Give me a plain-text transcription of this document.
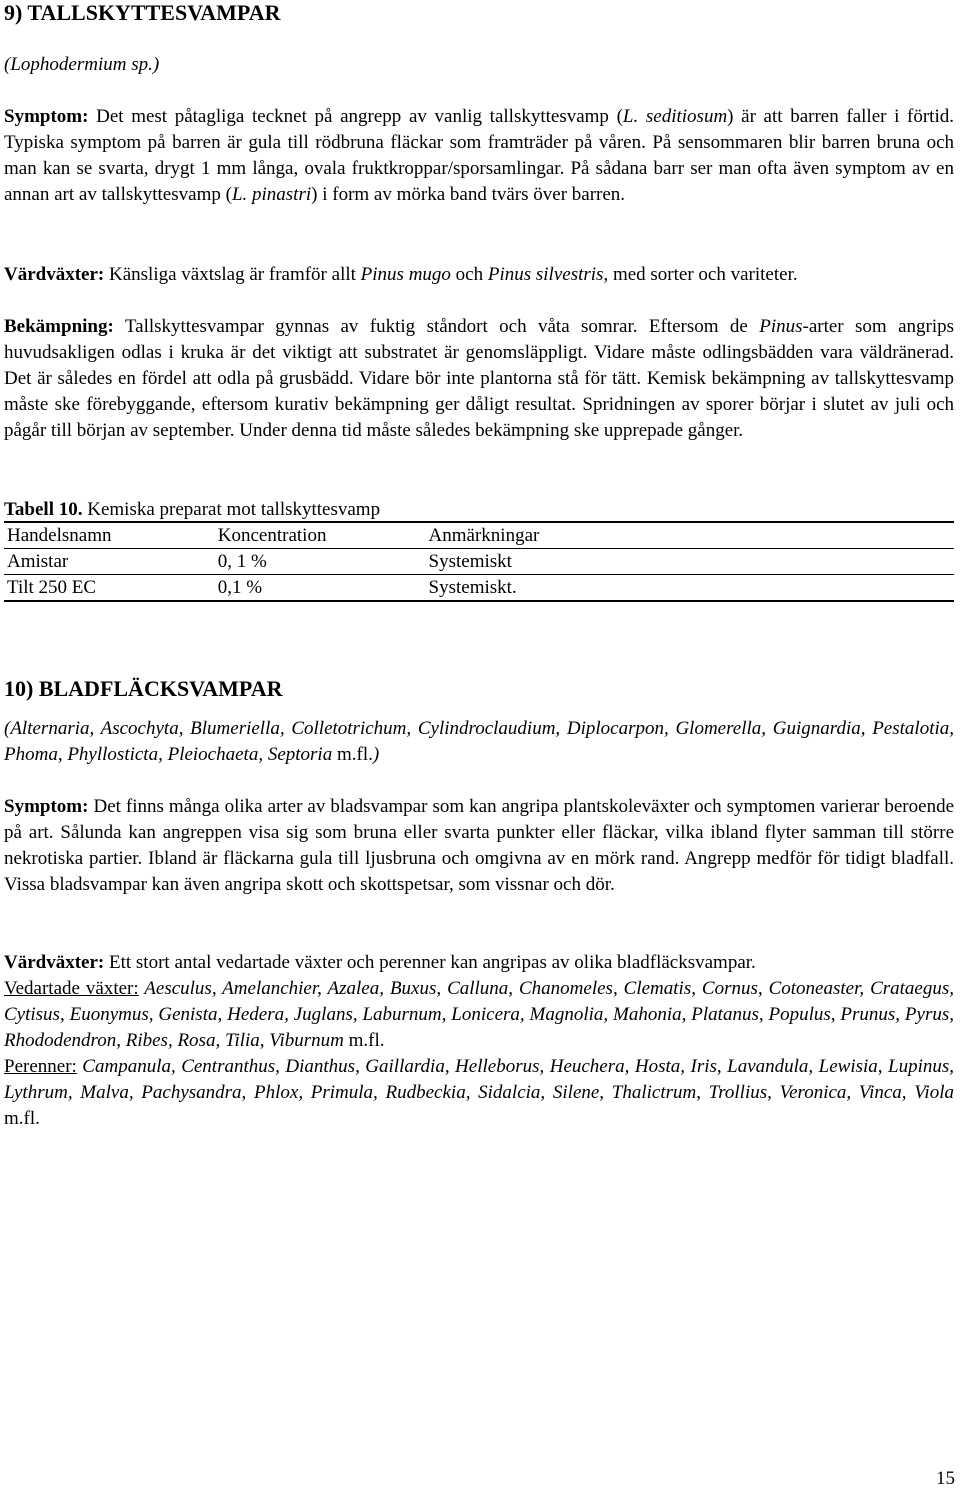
9) TALLSKYTTESVAMPAR

(Lophodermium sp.)

Symptom: Det mest påtagliga tecknet på angrepp av vanlig tallskyttesvamp (L. seditiosum) är att barren faller i förtid. Typiska symptom på barren är gula till rödbruna fläckar som framträder på våren. På sensommaren blir barren bruna och man kan se svarta, drygt 1 mm långa, ovala fruktkroppar/sporsamlingar. På sådana barr ser man ofta även symptom av en annan art av tallskyttesvamp (L. pinastri) i form av mörka band tvärs över barren.

Värdväxter: Känsliga växtslag är framför allt Pinus mugo och Pinus silvestris, med sorter och variteter.

Bekämpning: Tallskyttesvampar gynnas av fuktig ståndort och våta somrar. Eftersom de Pinus-arter som angrips huvudsakligen odlas i kruka är det viktigt att substratet är genomsläppligt. Vidare måste odlingsbädden vara väldränerad. Det är således en fördel att odla på grusbädd. Vidare bör inte plantorna stå för tätt. Kemisk bekämpning av tallskyttesvamp måste ske förebyggande, eftersom kurativ bekämpning ger dåligt resultat. Spridningen av sporer börjar i slutet av juli och pågår till början av september. Under denna tid måste således bekämpning ske upprepade gånger.

Tabell 10. Kemiska preparat mot tallskyttesvamp

Handelsnamn	Koncentration	Anmärkningar
Amistar	0, 1 %	Systemiskt
Tilt 250 EC	0,1 %	Systemiskt.
10) BLADFLÄCKSVAMPAR

(Alternaria, Ascochyta, Blumeriella, Colletotrichum, Cylindroclaudium, Diplocarpon, Glomerella, Guignardia, Pestalotia, Phoma, Phyllosticta, Pleiochaeta, Septoria m.fl.)

Symptom: Det finns många olika arter av bladsvampar som kan angripa plantskoleväxter och symptomen varierar beroende på art. Sålunda kan angreppen visa sig som bruna eller svarta punkter eller fläckar, vilka ibland flyter samman till större nekrotiska partier. Ibland är fläckarna gula till ljusbruna och omgivna av en mörk rand. Angrepp medför för tidigt bladfall. Vissa bladsvampar kan även angripa skott och skottspetsar, som vissnar och dör.

Värdväxter: Ett stort antal vedartade växter och perenner kan angripas av olika bladfläcksvampar.

Vedartade växter: Aesculus, Amelanchier, Azalea, Buxus, Calluna, Chanomeles, Clematis, Cornus, Cotoneaster, Crataegus, Cytisus, Euonymus, Genista, Hedera, Juglans, Laburnum, Lonicera, Magnolia, Mahonia, Platanus, Populus, Prunus, Pyrus, Rhododendron, Ribes, Rosa, Tilia, Viburnum m.fl.

Perenner: Campanula, Centranthus, Dianthus, Gaillardia, Helleborus, Heuchera, Hosta, Iris, Lavandula, Lewisia, Lupinus, Lythrum, Malva, Pachysandra, Phlox, Primula, Rudbeckia, Sidalcia, Silene, Thalictrum, Trollius, Veronica, Vinca, Viola m.fl.

15
